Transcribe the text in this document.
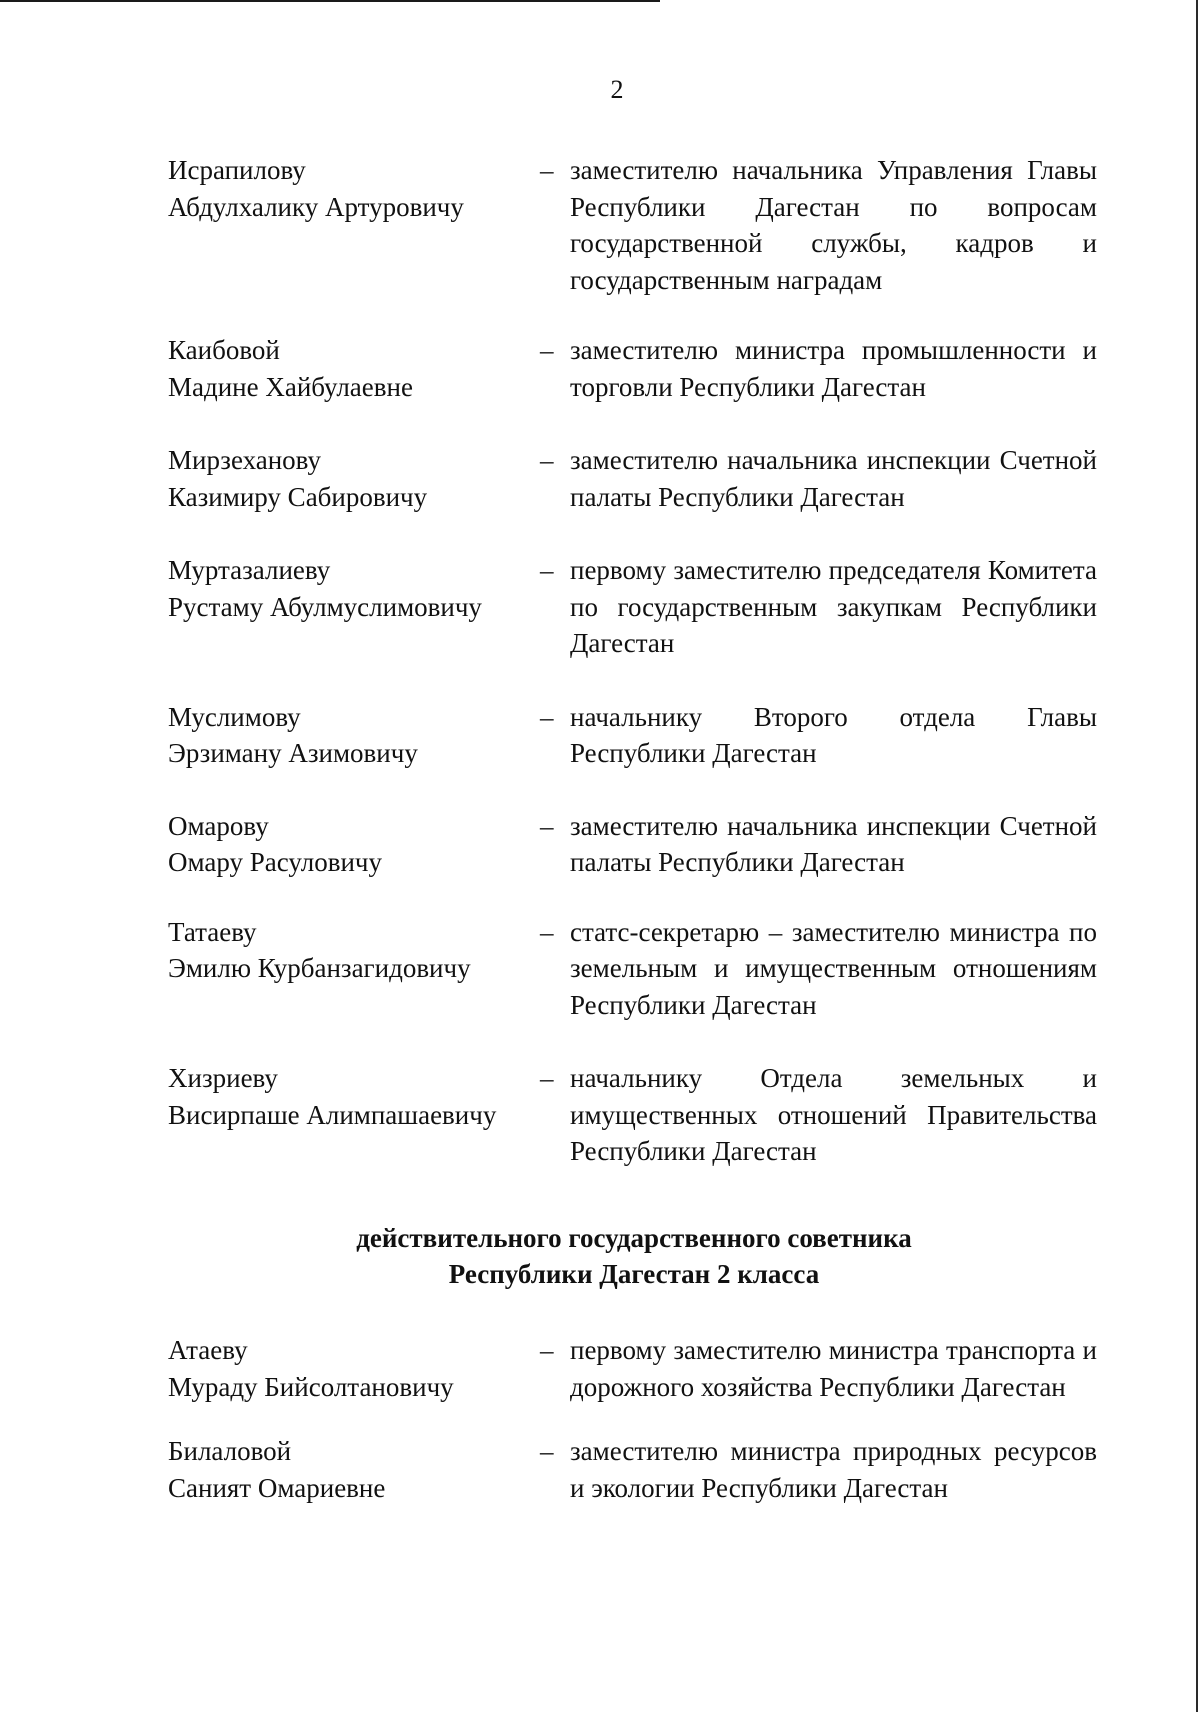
2
Исрапилову
Абдулхалику Артуровичу
– заместителю начальника Управления Главы Республики Дагестан по вопросам государственной службы, кадров и государственным наградам
Каибовой
Мадине Хайбулаевне
– заместителю министра промышленности и торговли Республики Дагестан
Мирзеханову
Казимиру Сабировичу
– заместителю начальника инспекции Счетной палаты Республики Дагестан
Муртазалиеву
Рустаму Абулмуслимовичу
– первому заместителю председателя Комитета по государственным закупкам Республики Дагестан
Муслимову
Эрзиману Азимовичу
– начальнику Второго отдела Главы Республики Дагестан
Омарову
Омару Расуловичу
– заместителю начальника инспекции Счетной палаты Республики Дагестан
Татаеву
Эмилю Курбанзагидовичу
– статс-секретарю – заместителю министра по земельным и имущественным отношениям Республики Дагестан
Хизриеву
Висирпаше Алимпашаевичу
– начальнику Отдела земельных и имущественных отношений Правительства Республики Дагестан
действительного государственного советника
Республики Дагестан 2 класса
Атаеву
Мураду Бийсолтановичу
– первому заместителю министра транспорта и дорожного хозяйства Республики Дагестан
Билаловой
Саният Омариевне
– заместителю министра природных ресурсов и экологии Республики Дагестан
